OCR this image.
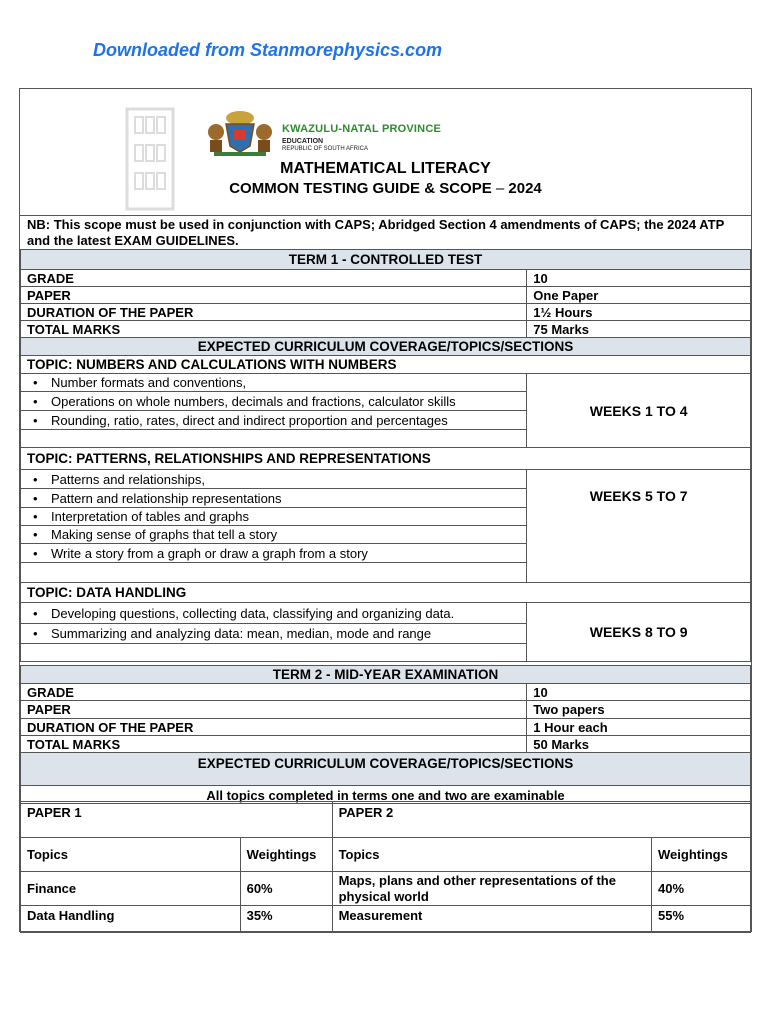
Downloaded from Stanmorephysics.com
KWAZULU-NATAL PROVINCE
EDUCATION
REPUBLIC OF SOUTH AFRICA
MATHEMATICAL LITERACY
COMMON TESTING GUIDE & SCOPE – 2024
NB: This scope must be used in conjunction with CAPS; Abridged Section 4 amendments of CAPS; the 2024 ATP and the latest EXAM GUIDELINES.
TERM 1 - CONTROLLED TEST	
GRADE	10
PAPER	One Paper
DURATION OF THE PAPER	1½ Hours
TOTAL MARKS	75 Marks
EXPECTED CURRICULUM COVERAGE/TOPICS/SECTIONS	
TOPIC: NUMBERS AND CALCULATIONS WITH NUMBERS	
• Number formats and conventions,	WEEKS 1 TO 4
• Operations on whole numbers, decimals and fractions, calculator skills
• Rounding, ratio, rates, direct and indirect proportion and percentages

TOPIC: PATTERNS, RELATIONSHIPS AND REPRESENTATIONS	
• Patterns and relationships,	WEEKS 5 TO 7
• Pattern and relationship representations
• Interpretation of tables and graphs
• Making sense of graphs that tell a story
• Write a story from a graph or draw a graph from a story

TOPIC: DATA HANDLING	
• Developing questions, collecting data, classifying and organizing data.	WEEKS 8 TO 9
• Summarizing and analyzing data: mean, median, mode and range

TERM 2 - MID-YEAR EXAMINATION	
GRADE	10
PAPER	Two papers
DURATION OF THE PAPER	1 Hour each
TOTAL MARKS	50 Marks
EXPECTED CURRICULUM COVERAGE/TOPICS/SECTIONS	
All topics completed in terms one and two are examinable	
PAPER 1		PAPER 2	
Topics	Weightings	Topics	Weightings
Finance	60%	Maps, plans and other representations of the physical world	40%
Data Handling	35%	Measurement	55%
